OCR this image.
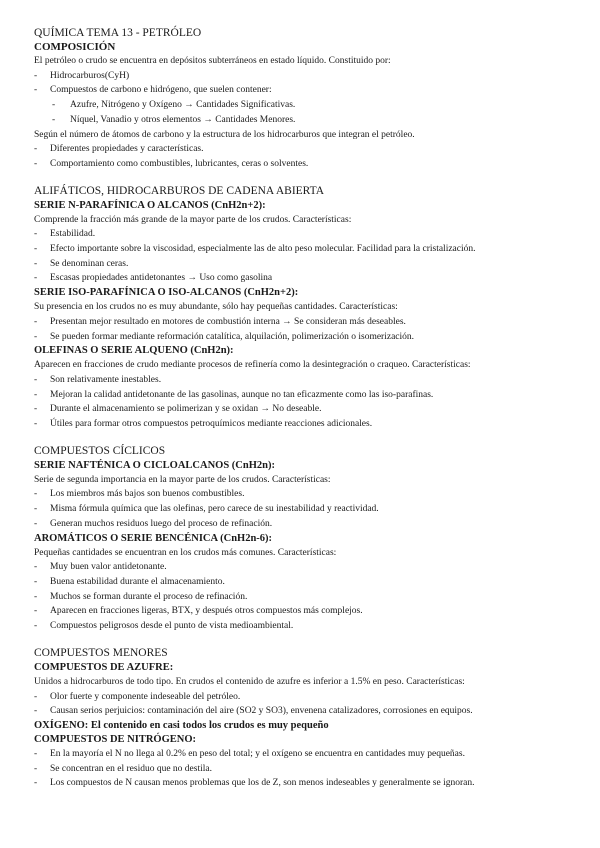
QUÍMICA TEMA 13 - PETRÓLEO
COMPOSICIÓN

El petróleo o crudo se encuentra en depósitos subterráneos en estado líquido. Constituido por:

- Hidrocarburos(CyH)
- Compuestos de carbono e hidrógeno, que suelen contener:
- Azufre, Nitrógeno y Oxígeno → Cantidades Significativas.
- Níquel, Vanadio y otros elementos → Cantidades Menores.

Según el número de átomos de carbono y la estructura de los hidrocarburos que integran el petróleo.

- Diferentes propiedades y características.
- Comportamiento como combustibles, lubricantes, ceras o solventes.
ALIFÁTICOS, HIDROCARBUROS DE CADENA ABIERTA
SERIE N-PARAFÍNICA O ALCANOS (CnH2n+2):

Comprende la fracción más grande de la mayor parte de los crudos. Características:

- Estabilidad.
- Efecto importante sobre la viscosidad, especialmente las de alto peso molecular. Facilidad para la cristalización.
- Se denominan ceras.
- Escasas propiedades antidetonantes → Uso como gasolina
SERIE ISO-PARAFÍNICA O ISO-ALCANOS (CnH2n+2):

Su presencia en los crudos no es muy abundante, sólo hay pequeñas cantidades. Características:

- Presentan mejor resultado en motores de combustión interna → Se consideran más deseables.
- Se pueden formar mediante reformación catalítica, alquilación, polimerización o isomerización.
OLEFINAS O SERIE ALQUENO (CnH2n):

Aparecen en fracciones de crudo mediante procesos de refinería como la desintegración o craqueo. Características:

- Son relativamente inestables.
- Mejoran la calidad antidetonante de las gasolinas, aunque no tan eficazmente como las iso-parafinas.
- Durante el almacenamiento se polimerizan y se oxidan → No deseable.
- Útiles para formar otros compuestos petroquímicos mediante reacciones adicionales.
COMPUESTOS CÍCLICOS
SERIE NAFTÉNICA O CICLOALCANOS (CnH2n):

Serie de segunda importancia en la mayor parte de los crudos. Características:

- Los miembros más bajos son buenos combustibles.
- Misma fórmula química que las olefinas, pero carece de su inestabilidad y reactividad.
- Generan muchos residuos luego del proceso de refinación.
AROMÁTICOS O SERIE BENCÉNICA (CnH2n-6):

Pequeñas cantidades se encuentran en los crudos más comunes. Características:

- Muy buen valor antidetonante.
- Buena estabilidad durante el almacenamiento.
- Muchos se forman durante el proceso de refinación.
- Aparecen en fracciones ligeras, BTX, y después otros compuestos más complejos.
- Compuestos peligrosos desde el punto de vista medioambiental.
COMPUESTOS MENORES
COMPUESTOS DE AZUFRE:

Unidos a hidrocarburos de todo tipo. En crudos el contenido de azufre es inferior a 1.5% en peso. Características:

- Olor fuerte y componente indeseable del petróleo.
- Causan serios perjuicios: contaminación del aire (SO2 y SO3), envenena catalizadores, corrosiones en equipos.
OXÍGENO: El contenido en casi todos los crudos es muy pequeño
COMPUESTOS DE NITRÓGENO:
- En la mayoría el N no llega al 0.2% en peso del total; y el oxígeno se encuentra en cantidades muy pequeñas.
- Se concentran en el residuo que no destila.
- Los compuestos de N causan menos problemas que los de Z, son menos indeseables y generalmente se ignoran.
